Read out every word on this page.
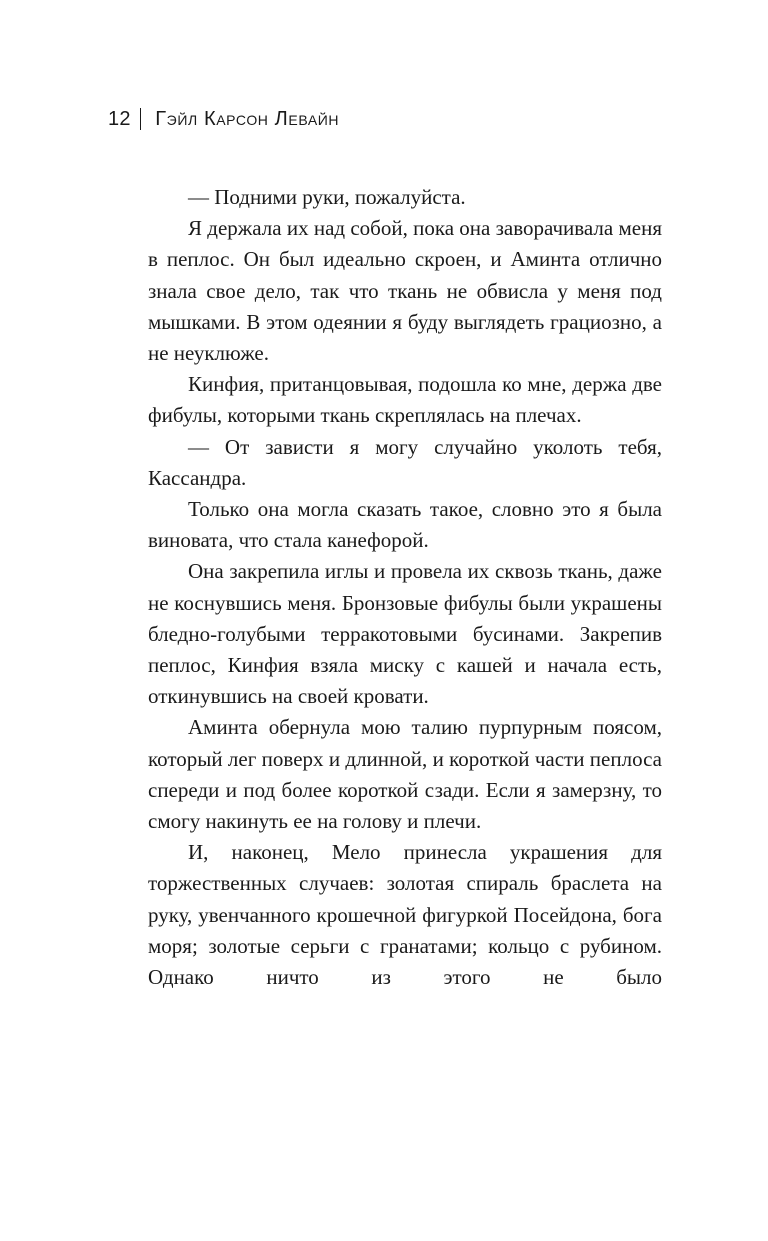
12 Гэйл Карсон Левайн

— Подними руки, пожалуйста.

Я держала их над собой, пока она заворачивала меня в пеплос. Он был идеально скроен, и Аминта отлично знала свое дело, так что ткань не обвисла у меня под мышками. В этом одеянии я буду выглядеть грациозно, а не неуклюже.

Кинфия, пританцовывая, подошла ко мне, держа две фибулы, которыми ткань скреплялась на плечах.

— От зависти я могу случайно уколоть тебя, Кассандра.

Только она могла сказать такое, словно это я была виновата, что стала канефорой.

Она закрепила иглы и провела их сквозь ткань, даже не коснувшись меня. Бронзовые фибулы были украшены бледно-голубыми терракотовыми бусинами. Закрепив пеплос, Кинфия взяла миску с кашей и начала есть, откинувшись на своей кровати.

Аминта обернула мою талию пурпурным поясом, который лег поверх и длинной, и короткой части пеплоса спереди и под более короткой сзади. Если я замерзну, то смогу накинуть ее на голову и плечи.

И, наконец, Мело принесла украшения для торжественных случаев: золотая спираль браслета на руку, увенчанного крошечной фигуркой Посейдона, бога моря; золотые серьги с гранатами; кольцо с рубином. Однако ничто из этого не было
